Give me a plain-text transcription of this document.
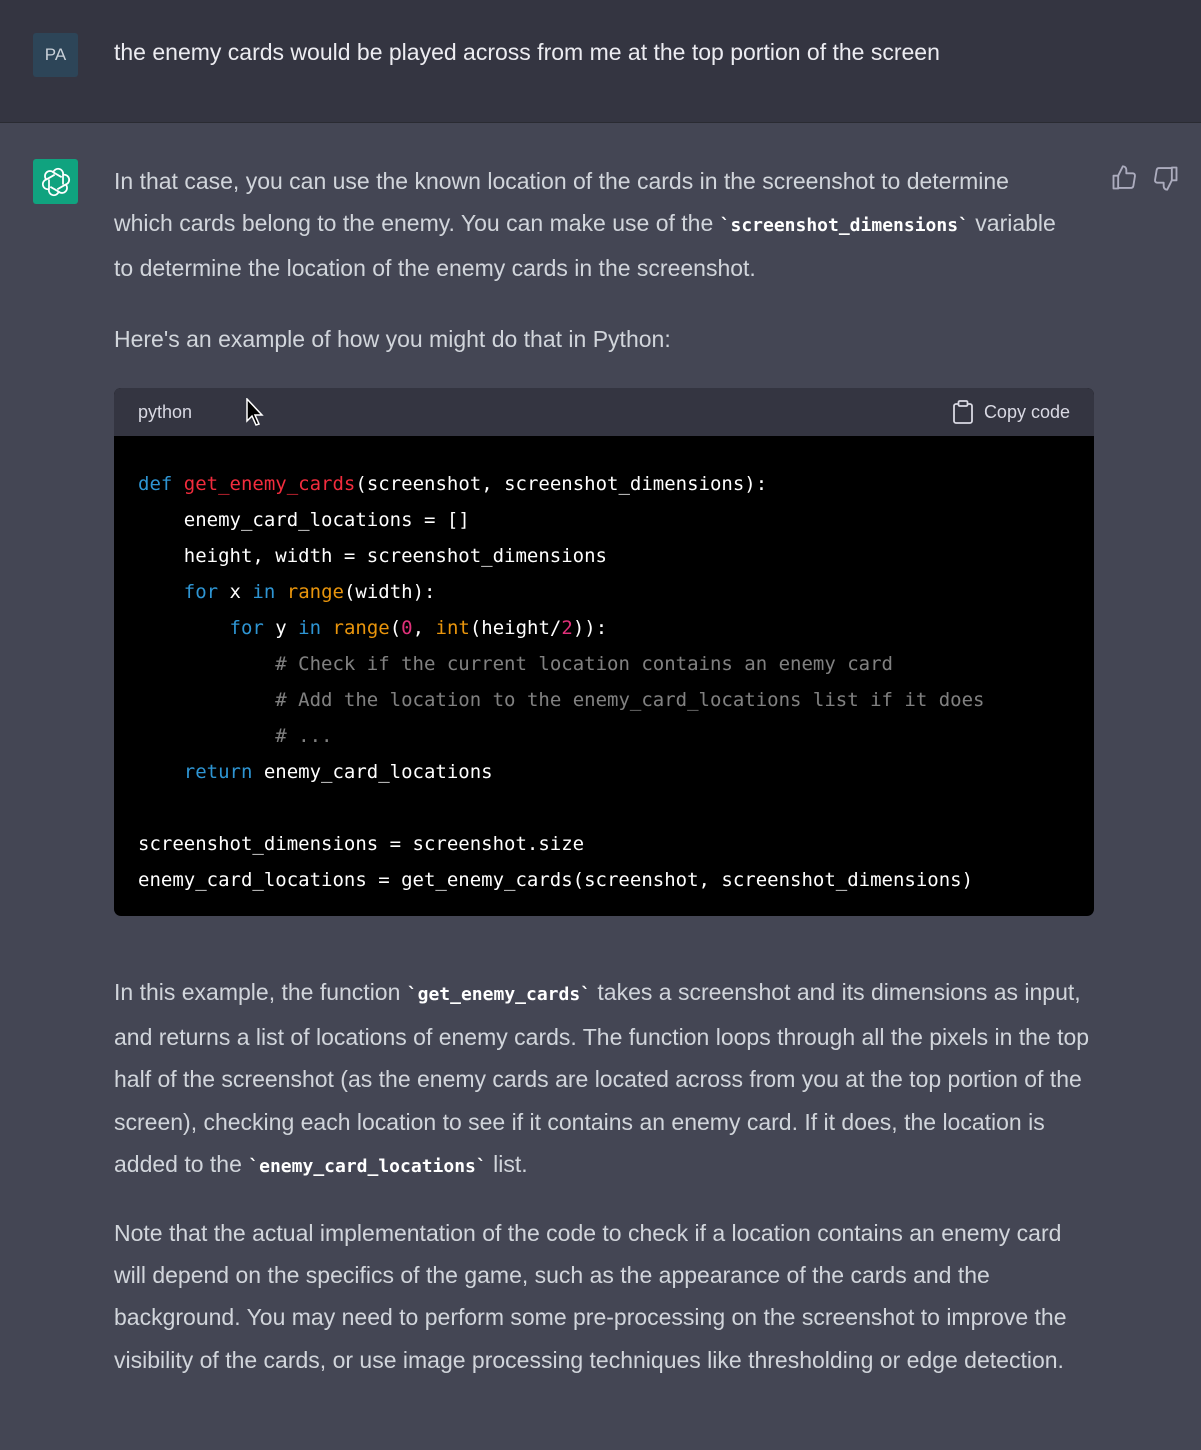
PA	the enemy cards would be played across from me at the top portion of the screen

In that case, you can use the known location of the cards in the screenshot to determine which cards belong to the enemy. You can make use of the `screenshot_dimensions` variable to determine the location of the enemy cards in the screenshot.

Here's an example of how you might do that in Python:

In this example, the function `get_enemy_cards` takes a screenshot and its dimensions as input, and returns a list of locations of enemy cards. The function loops through all the pixels in the top half of the screenshot (as the enemy cards are located across from you at the top portion of the screen), checking each location to see if it contains an enemy card. If it does, the location is added to the `enemy_card_locations` list.

Note that the actual implementation of the code to check if a location contains an enemy card will depend on the specifics of the game, such as the appearance of the cards and the background. You may need to perform some pre-processing on the screenshot to improve the visibility of the cards, or use image processing techniques like thresholding or edge detection.

python	Copy code
def get_enemy_cards(screenshot, screenshot_dimensions):
enemy_card_locations = []
height, width = screenshot_dimensions
for x in range(width):
for y in range(0, int(height/2)):
# Check if the current location contains an enemy card
# Add the location to the enemy_card_locations list if it does
# ...
return enemy_card_locations

screenshot_dimensions = screenshot.size
enemy_card_locations = get_enemy_cards(screenshot, screenshot_dimensions)
